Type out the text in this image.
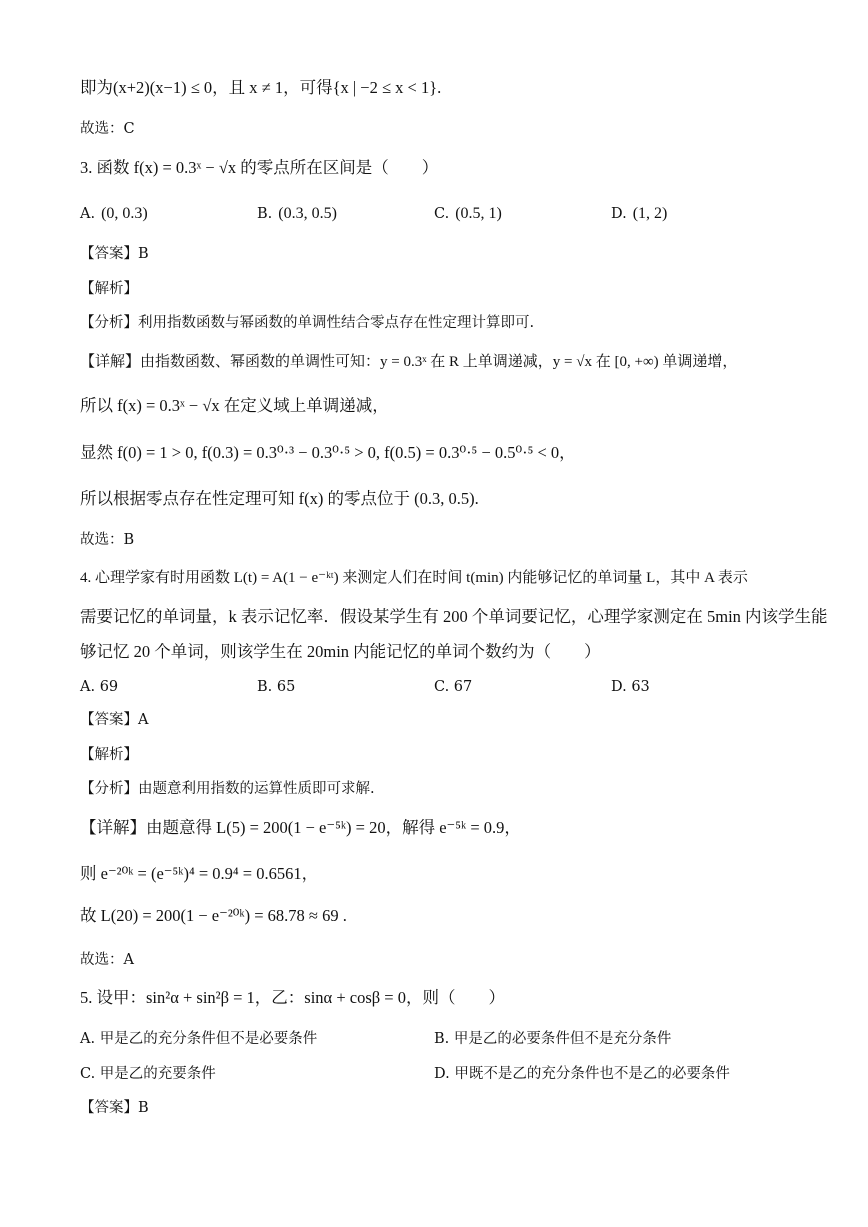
即为(x+2)(x−1) ≤ 0，且 x ≠ 1，可得{x | −2 ≤ x < 1}.
故选：C
3. 函数 f(x) = 0.3ˣ − √x 的零点所在区间是（　　）
A. (0, 0.3)	B. (0.3, 0.5)	C. (0.5, 1)	D. (1, 2)
【答案】B
【解析】
【分析】利用指数函数与幂函数的单调性结合零点存在性定理计算即可.
【详解】由指数函数、幂函数的单调性可知：y = 0.3ˣ 在 R 上单调递减，y = √x 在 [0, +∞) 单调递增，
所以 f(x) = 0.3ˣ − √x 在定义域上单调递减，
显然 f(0) = 1 > 0, f(0.3) = 0.3⁰·³ − 0.3⁰·⁵ > 0, f(0.5) = 0.3⁰·⁵ − 0.5⁰·⁵ < 0，
所以根据零点存在性定理可知 f(x) 的零点位于 (0.3, 0.5).
故选：B
4. 心理学家有时用函数 L(t) = A(1 − e⁻ᵏᵗ) 来测定人们在时间 t(min) 内能够记忆的单词量 L，其中 A 表示
需要记忆的单词量，k 表示记忆率．假设某学生有 200 个单词要记忆，心理学家测定在 5min 内该学生能
够记忆 20 个单词，则该学生在 20min 内能记忆的单词个数约为（　　）
A. 69	B. 65	C. 67	D. 63
【答案】A
【解析】
【分析】由题意利用指数的运算性质即可求解.
【详解】由题意得 L(5) = 200(1 − e⁻⁵ᵏ) = 20，解得 e⁻⁵ᵏ = 0.9，
则 e⁻²⁰ᵏ = (e⁻⁵ᵏ)⁴ = 0.9⁴ = 0.6561，
故 L(20) = 200(1 − e⁻²⁰ᵏ) = 68.78 ≈ 69 .
故选：A
5. 设甲：sin²α + sin²β = 1，乙：sinα + cosβ = 0，则（　　）
A. 甲是乙的充分条件但不是必要条件	B. 甲是乙的必要条件但不是充分条件
C. 甲是乙的充要条件	D. 甲既不是乙的充分条件也不是乙的必要条件
【答案】B
